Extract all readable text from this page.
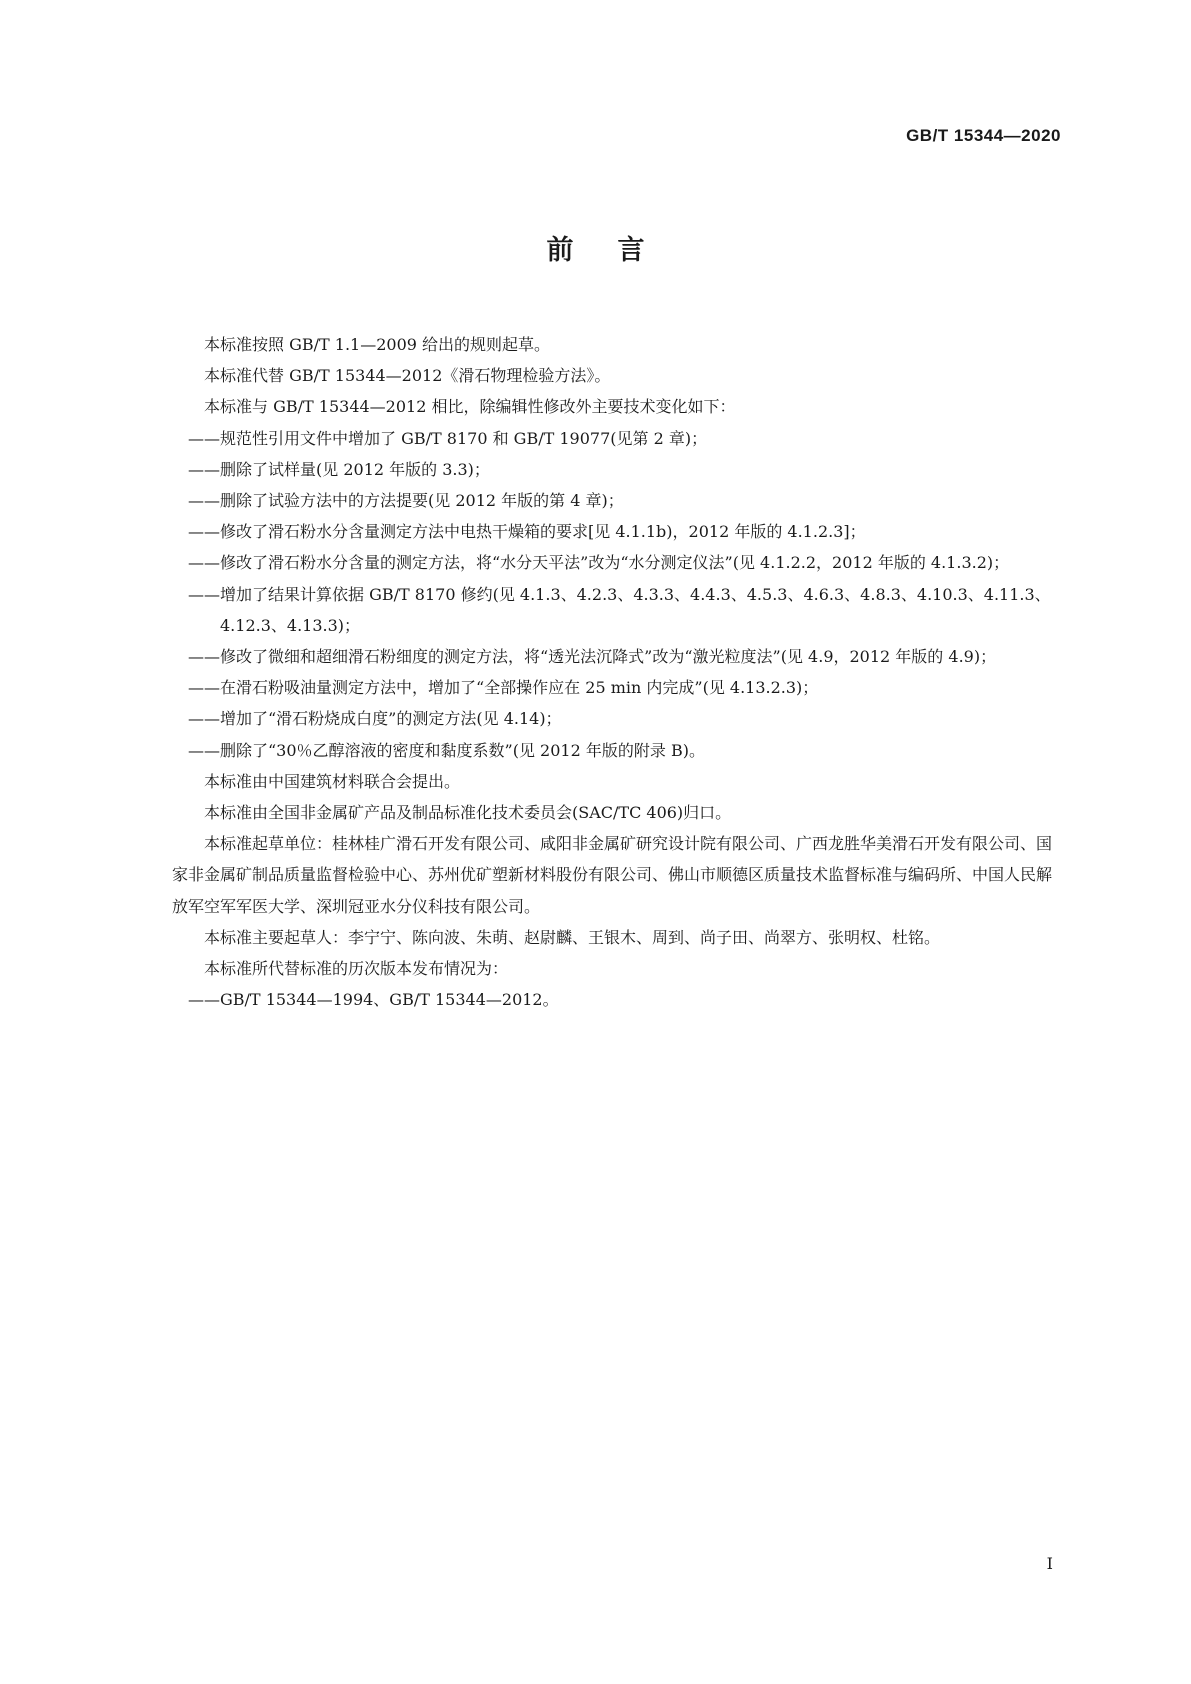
GB/T 15344—2020
前言

本标准按照 GB/T 1.1—2009 给出的规则起草。

本标准代替 GB/T 15344—2012《滑石物理检验方法》。

本标准与 GB/T 15344—2012 相比，除编辑性修改外主要技术变化如下：

——规范性引用文件中增加了 GB/T 8170 和 GB/T 19077(见第 2 章)；

——删除了试样量(见 2012 年版的 3.3)；

——删除了试验方法中的方法提要(见 2012 年版的第 4 章)；

——修改了滑石粉水分含量测定方法中电热干燥箱的要求[见 4.1.1b)，2012 年版的 4.1.2.3]；

——修改了滑石粉水分含量的测定方法，将“水分天平法”改为“水分测定仪法”(见 4.1.2.2，2012 年版的 4.1.3.2)；

——增加了结果计算依据 GB/T 8170 修约(见 4.1.3、4.2.3、4.3.3、4.4.3、4.5.3、4.6.3、4.8.3、4.10.3、4.11.3、4.12.3、4.13.3)；

——修改了微细和超细滑石粉细度的测定方法，将“透光法沉降式”改为“激光粒度法”(见 4.9，2012 年版的 4.9)；

——在滑石粉吸油量测定方法中，增加了“全部操作应在 25 min 内完成”(见 4.13.2.3)；

——增加了“滑石粉烧成白度”的测定方法(见 4.14)；

——删除了“30％乙醇溶液的密度和黏度系数”(见 2012 年版的附录 B)。

本标准由中国建筑材料联合会提出。

本标准由全国非金属矿产品及制品标准化技术委员会(SAC/TC 406)归口。

本标准起草单位：桂林桂广滑石开发有限公司、咸阳非金属矿研究设计院有限公司、广西龙胜华美滑石开发有限公司、国家非金属矿制品质量监督检验中心、苏州优矿塑新材料股份有限公司、佛山市顺德区质量技术监督标准与编码所、中国人民解放军空军军医大学、深圳冠亚水分仪科技有限公司。

本标准主要起草人：李宁宁、陈向波、朱萌、赵尉麟、王银木、周到、尚子田、尚翠方、张明权、杜铭。

本标准所代替标准的历次版本发布情况为：

——GB/T 15344—1994、GB/T 15344—2012。

I
